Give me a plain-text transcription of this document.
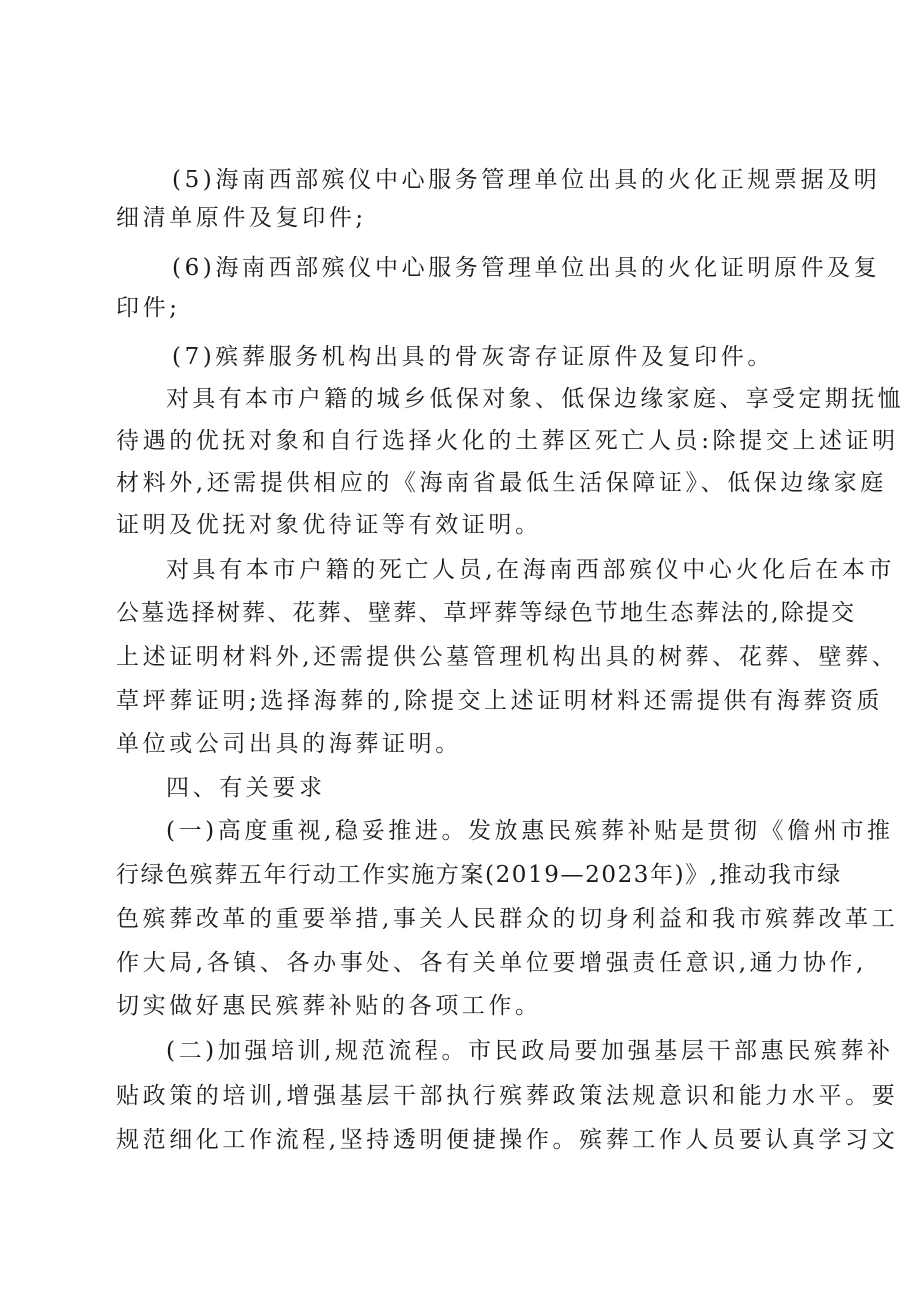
(5)海南西部殡仪中心服务管理单位出具的火化正规票据及明
细清单原件及复印件;
(6)海南西部殡仪中心服务管理单位出具的火化证明原件及复
印件;
(7)殡葬服务机构出具的骨灰寄存证原件及复印件。
对具有本市户籍的城乡低保对象、低保边缘家庭、享受定期抚恤
待遇的优抚对象和自行选择火化的土葬区死亡人员:除提交上述证明
材料外,还需提供相应的《海南省最低生活保障证》、低保边缘家庭
证明及优抚对象优待证等有效证明。
对具有本市户籍的死亡人员,在海南西部殡仪中心火化后在本市
公墓选择树葬、花葬、壁葬、草坪葬等绿色节地生态葬法的,除提交
上述证明材料外,还需提供公墓管理机构出具的树葬、花葬、壁葬、
草坪葬证明;选择海葬的,除提交上述证明材料还需提供有海葬资质
单位或公司出具的海葬证明。
四、有关要求
(一)高度重视,稳妥推进。发放惠民殡葬补贴是贯彻《儋州市推
行绿色殡葬五年行动工作实施方案(2019—2023年)》,推动我市绿
色殡葬改革的重要举措,事关人民群众的切身利益和我市殡葬改革工
作大局,各镇、各办事处、各有关单位要增强责任意识,通力协作,
切实做好惠民殡葬补贴的各项工作。
(二)加强培训,规范流程。市民政局要加强基层干部惠民殡葬补
贴政策的培训,增强基层干部执行殡葬政策法规意识和能力水平。要
规范细化工作流程,坚持透明便捷操作。殡葬工作人员要认真学习文
